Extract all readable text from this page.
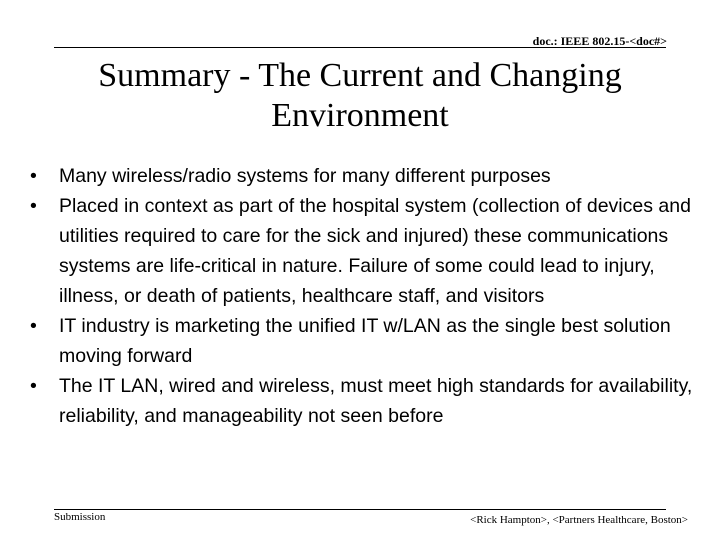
doc.: IEEE 802.15-<doc#>
Summary - The Current and Changing
Environment
•	Many wireless/radio systems for many different purposes
•	Placed in context as part of the hospital system (collection of devices and utilities required to care for the sick and injured) these communications systems are life-critical in nature. Failure of some could lead to injury, illness, or death of patients, healthcare staff, and visitors
•	IT industry is marketing the unified IT w/LAN as the single best solution moving forward
•	The IT LAN, wired and wireless, must meet high standards for availability, reliability, and manageability not seen before
Submission	<Rick Hampton>, <Partners Healthcare, Boston>
